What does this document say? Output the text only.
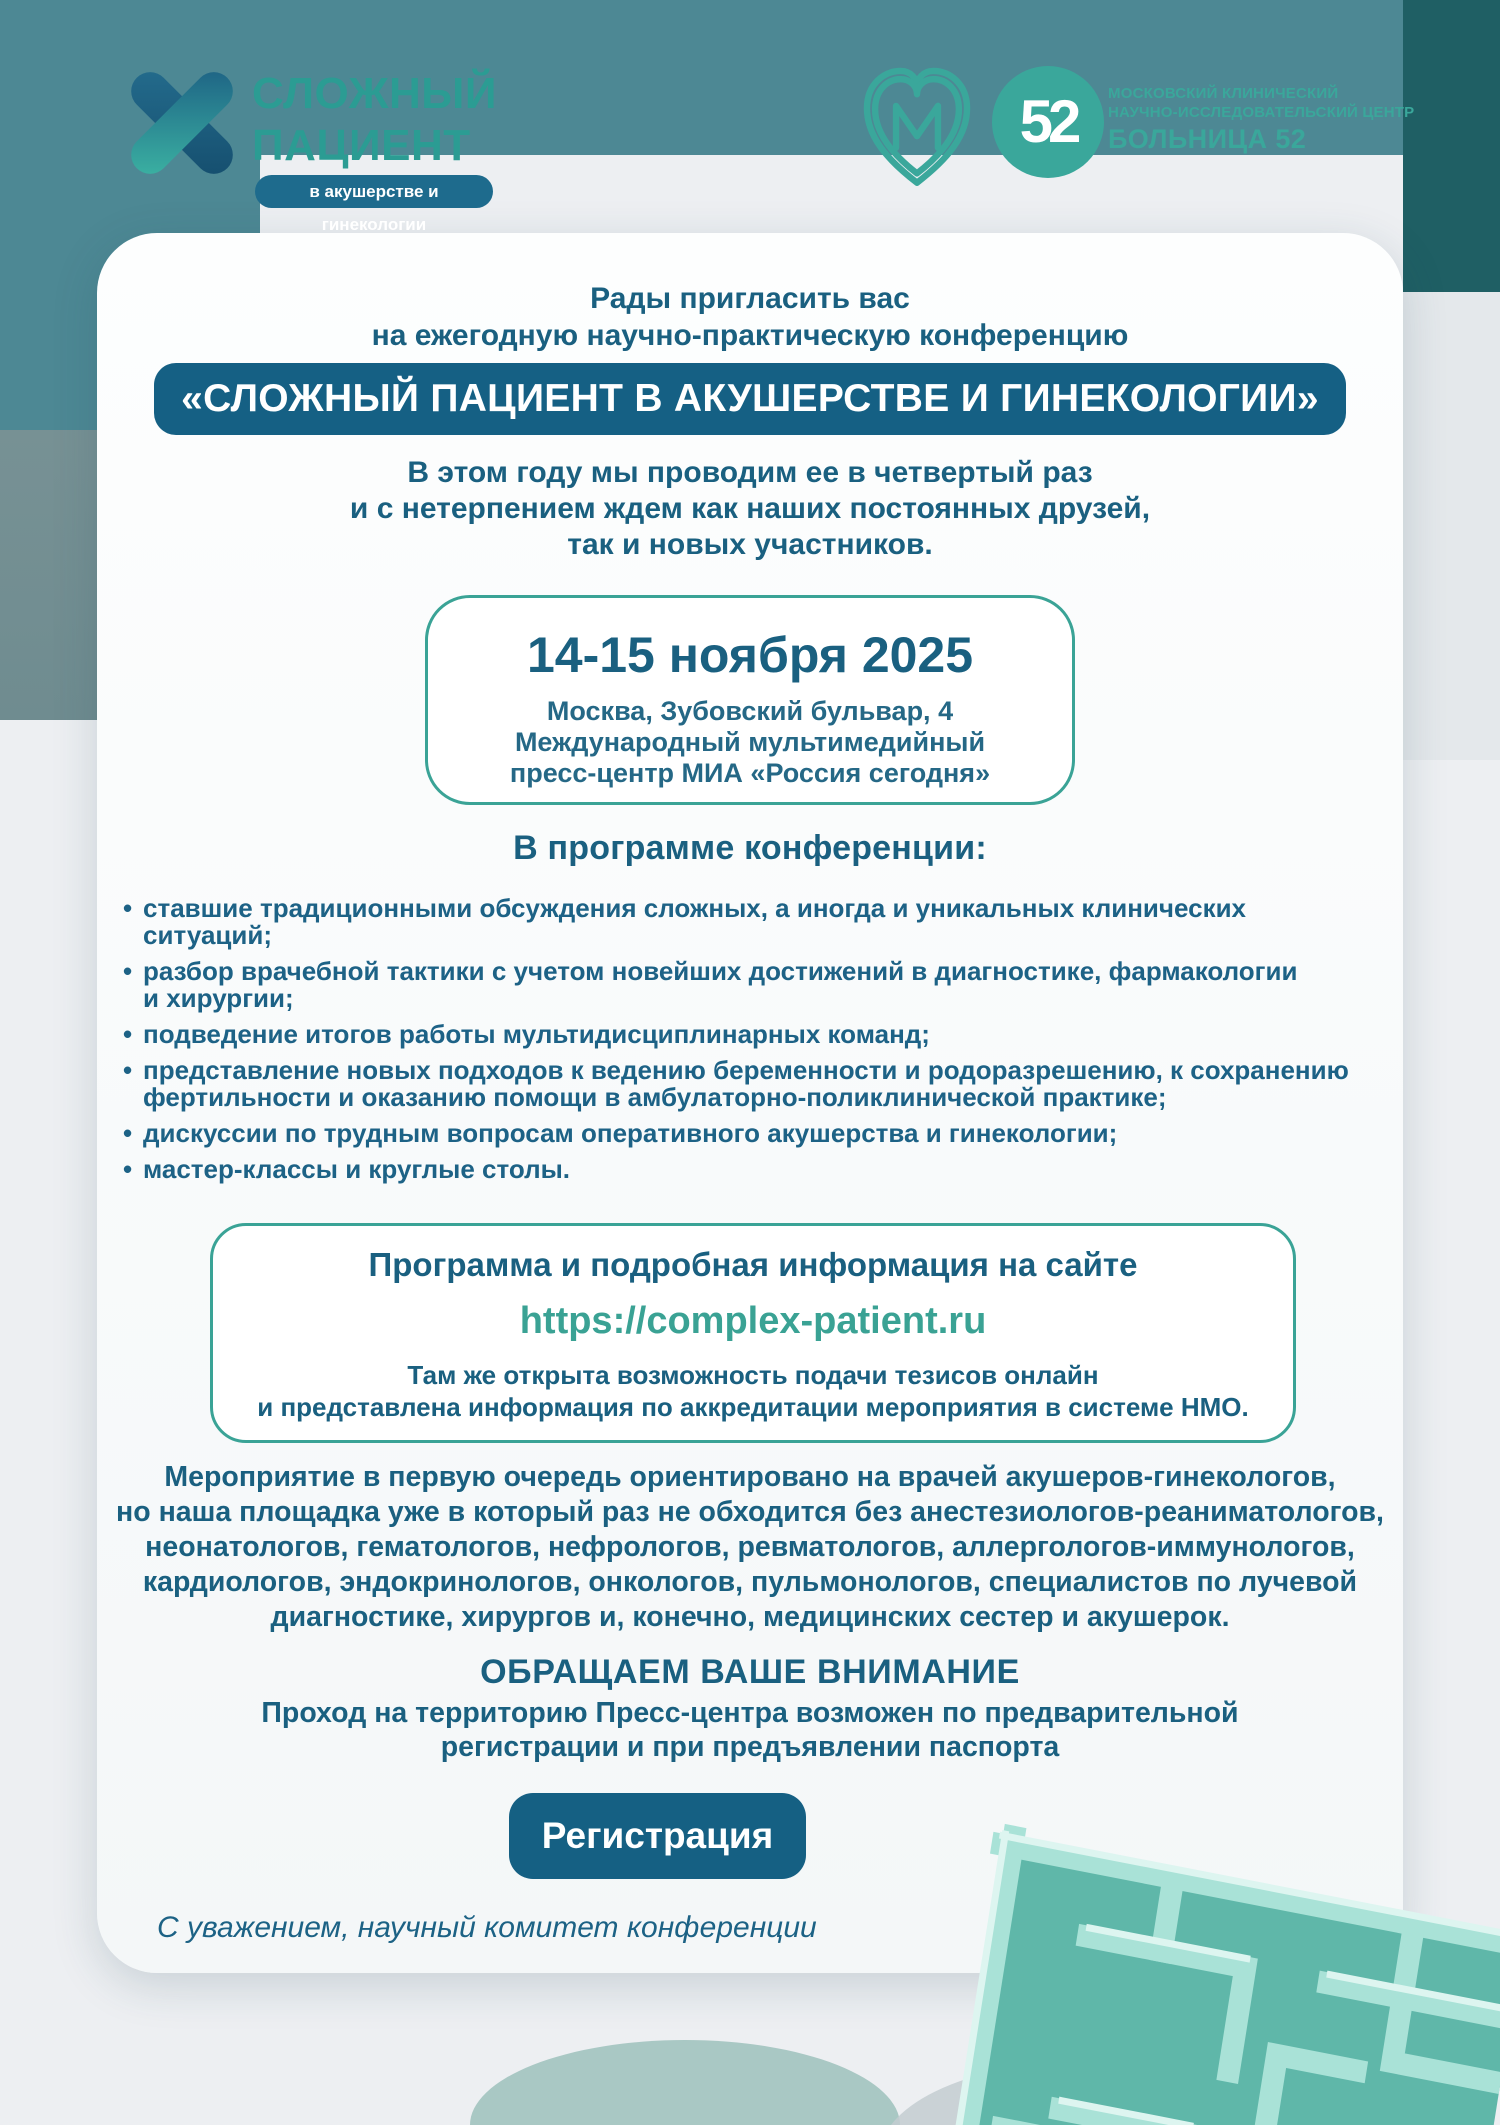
СЛОЖНЫЙ
ПАЦИЕНТ
в акушерстве и гинекологии
52	МОСКОВСКИЙ КЛИНИЧЕСКИЙ
НАУЧНО-ИССЛЕДОВАТЕЛЬСКИЙ ЦЕНТР
БОЛЬНИЦА 52
Рады пригласить вас
на ежегодную научно-практическую конференцию
«СЛОЖНЫЙ ПАЦИЕНТ В АКУШЕРСТВЕ И ГИНЕКОЛОГИИ»
В этом году мы проводим ее в четвертый раз
и с нетерпением ждем как наших постоянных друзей,
так и новых участников.
14-15 ноября 2025
Москва, Зубовский бульвар, 4
Международный мультимедийный
пресс-центр МИА «Россия сегодня»
В программе конференции:
• ставшие традиционными обсуждения сложных, а иногда и уникальных клинических
ситуаций;
• разбор врачебной тактики с учетом новейших достижений в диагностике, фармакологии
и хирургии;
• подведение итогов работы мультидисциплинарных команд;
• представление новых подходов к ведению беременности и родоразрешению, к сохранению
фертильности и оказанию помощи в амбулаторно-поликлинической практике;
• дискуссии по трудным вопросам оперативного акушерства и гинекологии;
• мастер-классы и круглые столы.
Программа и подробная информация на сайте
https://complex-patient.ru
Там же открыта возможность подачи тезисов онлайн
и представлена информация по аккредитации мероприятия в системе НМО.
Мероприятие в первую очередь ориентировано на врачей акушеров-гинекологов,
но наша площадка уже в который раз не обходится без анестезиологов-реаниматологов,
неонатологов, гематологов, нефрологов, ревматологов, аллергологов-иммунологов,
кардиологов, эндокринологов, онкологов, пульмонологов, специалистов по лучевой
диагностике, хирургов и, конечно, медицинских сестер и акушерок.
ОБРАЩАЕМ ВАШЕ ВНИМАНИЕ
Проход на территорию Пресс-центра возможен по предварительной
регистрации и при предъявлении паспорта
Регистрация
С уважением, научный комитет конференции
